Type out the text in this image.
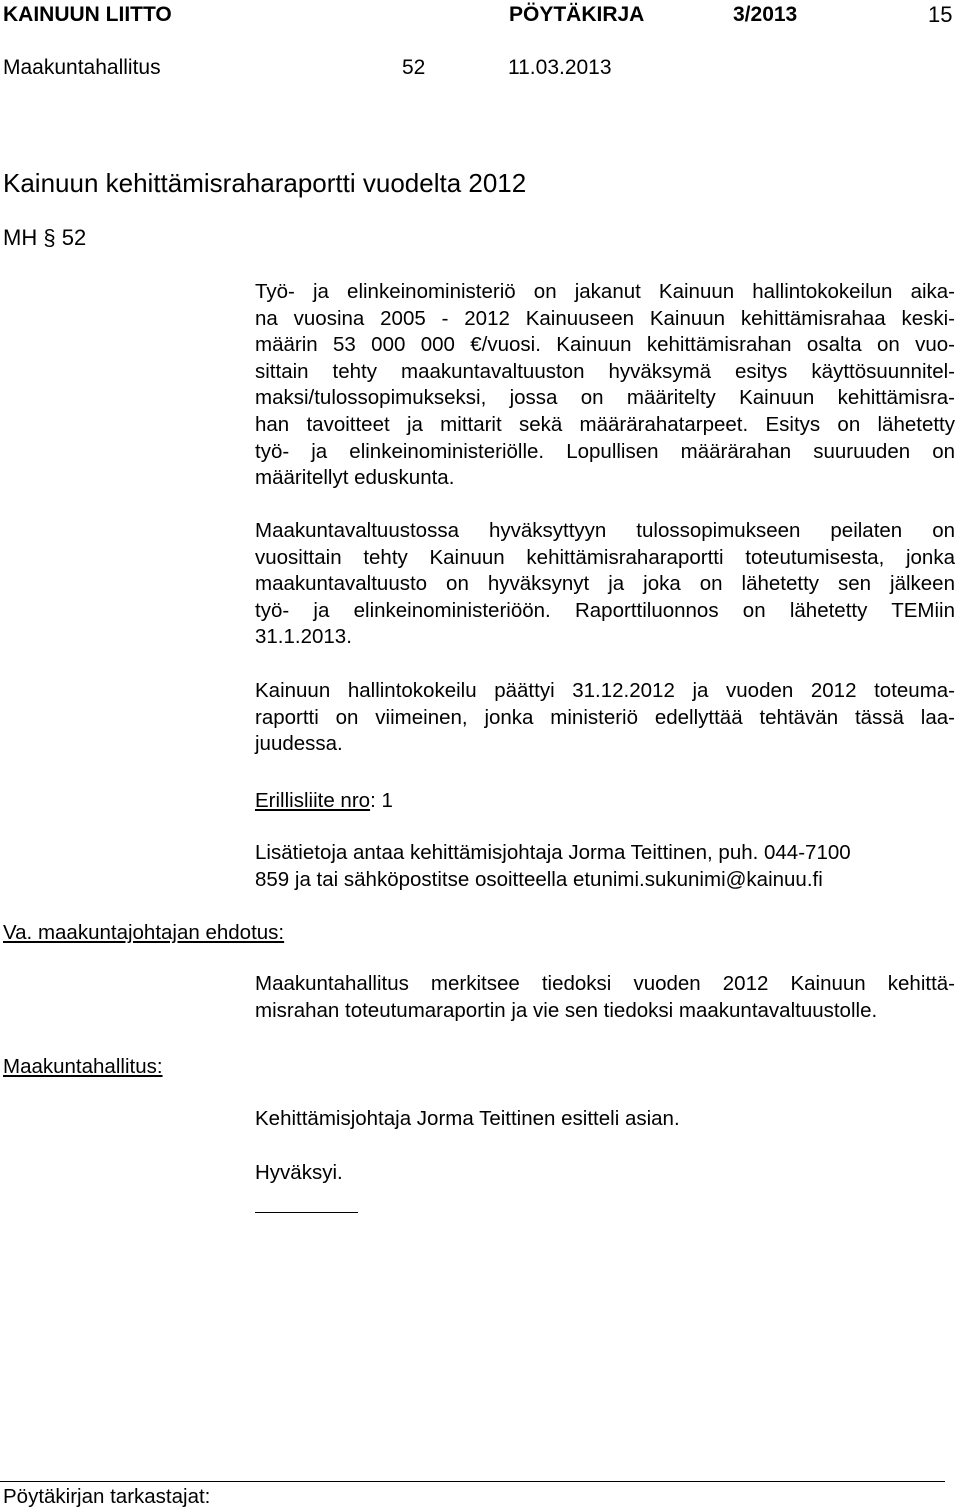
KAINUUN LIITTO	PÖYTÄKIRJA	3/2013	15
Maakuntahallitus	52	11.03.2013
Kainuun kehittämisraharaportti vuodelta 2012
MH § 52
Työ- ja elinkeinoministeriö on jakanut Kainuun hallintokokeilun aika-
na vuosina 2005 - 2012 Kainuuseen Kainuun kehittämisrahaa keski-
määrin 53 000 000 €/vuosi. Kainuun kehittämisrahan osalta on vuo-
sittain tehty maakuntavaltuuston hyväksymä esitys käyttösuunnitel-
maksi/tulossopimukseksi, jossa on määritelty Kainuun kehittämisra-
han tavoitteet ja mittarit sekä määrärahatarpeet. Esitys on lähetetty
työ- ja elinkeinoministeriölle. Lopullisen määrärahan suuruuden on
määritellyt eduskunta.
Maakuntavaltuustossa hyväksyttyyn tulossopimukseen peilaten on
vuosittain tehty Kainuun kehittämisraharaportti toteutumisesta, jonka
maakuntavaltuusto on hyväksynyt ja joka on lähetetty sen jälkeen
työ- ja elinkeinoministeriöön. Raporttiluonnos on lähetetty TEMiin
31.1.2013.
Kainuun hallintokokeilu päättyi 31.12.2012 ja vuoden 2012 toteuma-
raportti on viimeinen, jonka ministeriö edellyttää tehtävän tässä laa-
juudessa.
Erillisliite nro: 1
Lisätietoja antaa kehittämisjohtaja Jorma Teittinen, puh. 044-7100
859 ja tai sähköpostitse osoitteella etunimi.sukunimi@kainuu.fi
Va. maakuntajohtajan ehdotus:
Maakuntahallitus merkitsee tiedoksi vuoden 2012 Kainuun kehittä-
misrahan toteutumaraportin ja vie sen tiedoksi maakuntavaltuustolle.
Maakuntahallitus:
Kehittämisjohtaja Jorma Teittinen esitteli asian.
Hyväksyi.
Pöytäkirjan tarkastajat:
